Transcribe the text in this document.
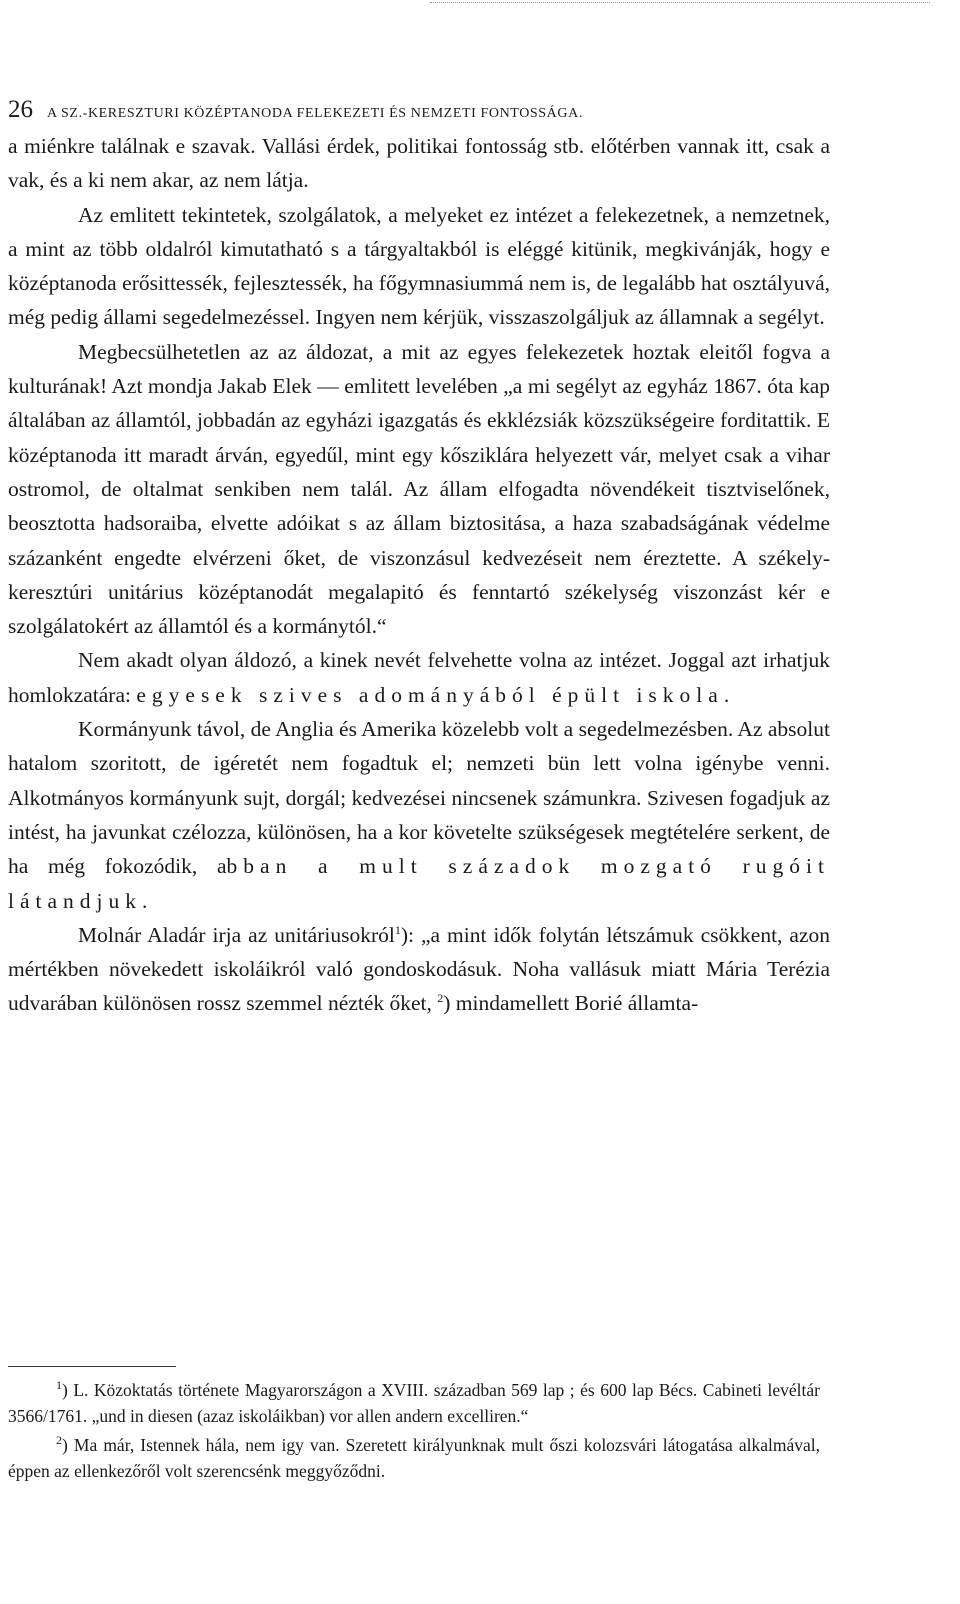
26 A SZ.-KERESZTURI KÖZÉPTANODA FELEKEZETI ÉS NEMZETI FONTOSSÁGA.

a miénkre találnak e szavak. Vallási érdek, politikai fontosság stb. előtérben vannak itt, csak a vak, és a ki nem akar, az nem látja.

Az emlitett tekintetek, szolgálatok, a melyeket ez intézet a felekezetnek, a nemzetnek, a mint az több oldalról kimutatható s a tárgyaltakból is eléggé kitünik, megkivánják, hogy e középtanoda erősittessék, fejlesztessék, ha főgymnasiummá nem is, de legalább hat osztályuvá, még pedig állami segedelmezéssel. Ingyen nem kérjük, visszaszolgáljuk az államnak a segélyt.

Megbecsülhetetlen az az áldozat, a mit az egyes felekezetek hoztak eleitől fogva a kulturának! Azt mondja Jakab Elek — emlitett levelében „a mi segélyt az egyház 1867. óta kap általában az államtól, jobbadán az egyházi igazgatás és ekklézsiák közszükségeire forditattik. E középtanoda itt maradt árván, egyedűl, mint egy kősziklára helyezett vár, melyet csak a vihar ostromol, de oltalmat senkiben nem talál. Az állam elfogadta növendékeit tisztviselőnek, beosztotta hadsoraiba, elvette adóikat s az állam biztositása, a haza szabadságának védelme százanként engedte elvérzeni őket, de viszonzásul kedvezéseit nem éreztette. A székely-keresztúri unitárius középtanodát megalapitó és fenntartó székelység viszonzást kér e szolgálatokért az államtól és a kormánytól.“

Nem akadt olyan áldozó, a kinek nevét felvehette volna az intézet. Joggal azt irhatjuk homlokzatára: egyesek szives adományából épült iskola.

Kormányunk távol, de Anglia és Amerika közelebb volt a segedelmezésben. Az absolut hatalom szoritott, de igéretét nem fogadtuk el; nemzeti bün lett volna igénybe venni. Alkotmányos kormányunk sujt, dorgál; kedvezései nincsenek számunkra. Szivesen fogadjuk az intést, ha javunkat czélozza, különösen, ha a kor követelte szükségesek megtételére serkent, de ha még fokozódik, abban a mult századok mozgató rugóit látandjuk.

Molnár Aladár irja az unitáriusokról$^1$): „a mint idők folytán létszámuk csökkent, azon mértékben növekedett iskoláikról való gondoskodásuk. Noha vallásuk miatt Mária Terézia udvarában különösen rossz szemmel nézték őket, $^2$) mindamellett Borié államta-

$^1$) L. Közoktatás története Magyarországon a XVIII. században 569 lap ; és 600 lap Bécs. Cabineti levéltár 3566/1761. „und in diesen (azaz iskoláikban) vor allen andern excelliren.“

$^2$) Ma már, Istennek hála, nem igy van. Szeretett királyunknak mult őszi kolozsvári látogatása alkalmával, éppen az ellenkezőről volt szerencsénk meggyőződni.
